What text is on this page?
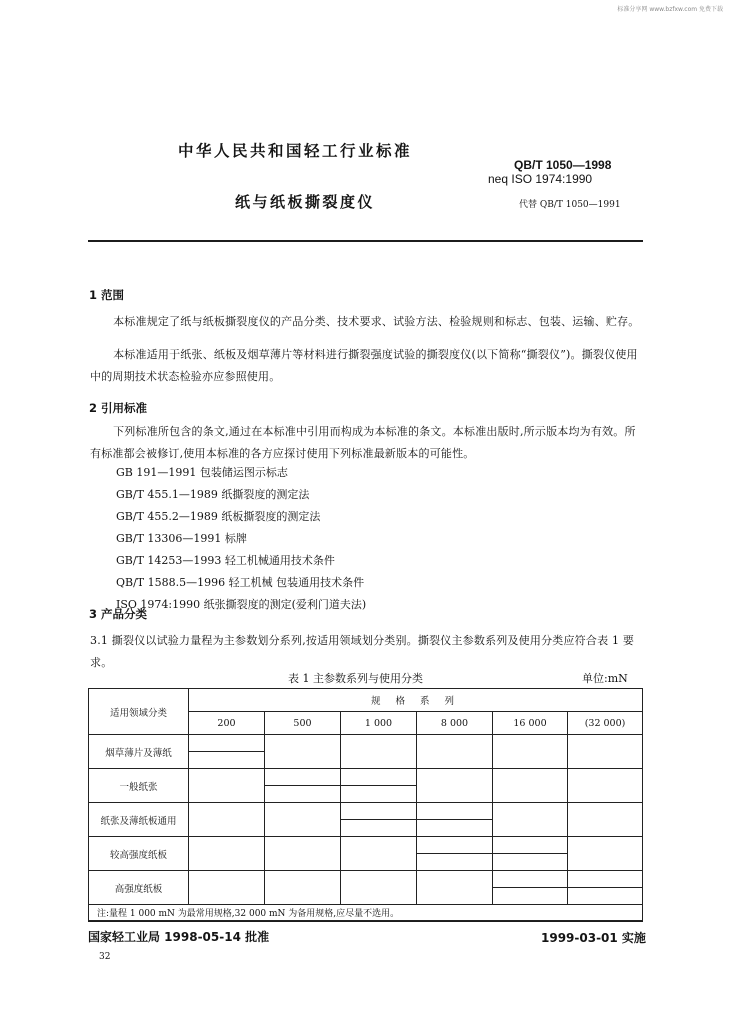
标准分享网 www.bzfxw.com 免费下载
中华人民共和国轻工行业标准
QB/T 1050—1998
neq ISO 1974:1990
纸与纸板撕裂度仪	代替 QB/T 1050—1991
1 范围
本标准规定了纸与纸板撕裂度仪的产品分类、技术要求、试验方法、检验规则和标志、包装、运输、贮存。
本标准适用于纸张、纸板及烟草薄片等材料进行撕裂强度试验的撕裂度仪(以下简称“撕裂仪”)。撕裂仪使用中的周期技术状态检验亦应参照使用。
2 引用标准
下列标准所包含的条文,通过在本标准中引用而构成为本标准的条文。本标准出版时,所示版本均为有效。所有标准都会被修订,使用本标准的各方应探讨使用下列标准最新版本的可能性。
GB 191—1991 包装储运图示标志
GB/T 455.1—1989 纸撕裂度的测定法
GB/T 455.2—1989 纸板撕裂度的测定法
GB/T 13306—1991 标牌
GB/T 14253—1993 轻工机械通用技术条件
QB/T 1588.5—1996 轻工机械 包装通用技术条件
ISO 1974:1990 纸张撕裂度的测定(爱利门道夫法)
3 产品分类
3.1 撕裂仪以试验力量程为主参数划分系列,按适用领域划分类别。撕裂仪主参数系列及使用分类应符合表 1 要求。
表 1 主参数系列与使用分类	单位:mN
适用领域分类	规 格 系 列					
	200	500	1 000	8 000	16 000	(32 000)
烟草薄片及薄纸	

一般纸张		

纸张及薄纸板通用			

较高强度纸板				

高强度纸板					

注:量程 1 000 mN 为最常用规格,32 000 mN 为备用规格,应尽量不选用。						
国家轻工业局 1998-05-14 批准	1999-03-01 实施
32
